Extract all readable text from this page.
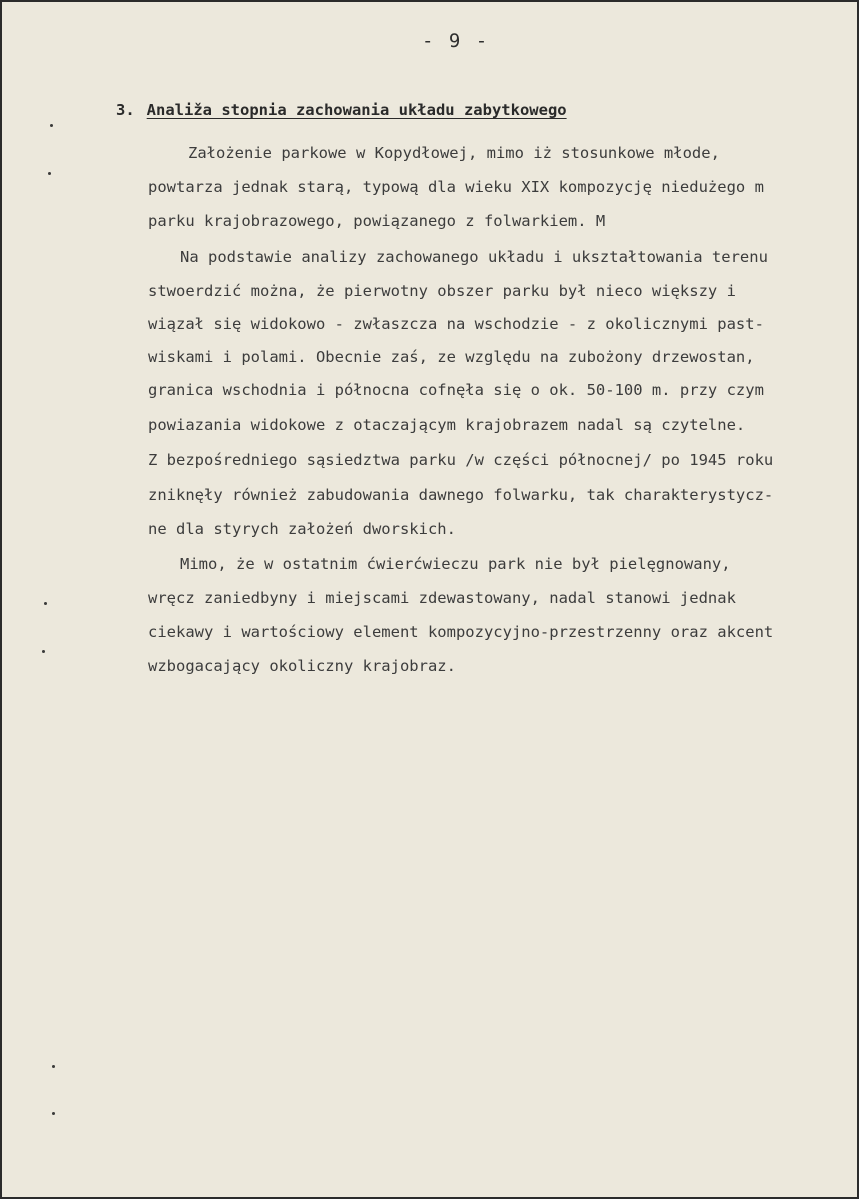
- 9 -
3. Analiža stopnia zachowania układu zabytkowego
Założenie parkowe w Kopydłowej, mimo iż stosunkowe młode,
powtarza jednak starą, typową dla wieku XIX kompozycję niedużego m
parku krajobrazowego, powiązanego z folwarkiem. M
Na podstawie analizy zachowanego układu i ukształtowania terenu
stwoerdzić można, że pierwotny obszer parku był nieco większy i
wiązał się widokowo - zwłaszcza na wschodzie - z okolicznymi past-
wiskami i polami. Obecnie zaś, ze względu na zubożony drzewostan,
granica wschodnia i północna cofnęła się o ok. 50-100 m. przy czym
powiazania widokowe z otaczającym krajobrazem nadal są czytelne.
Z bezpośredniego sąsiedztwa parku /w części północnej/ po 1945 roku
zniknęły również zabudowania dawnego folwarku, tak charakterystycz-
ne dla styrych założeń dworskich.
Mimo, że w ostatnim ćwierćwieczu park nie był pielęgnowany,
wręcz zaniedbyny i miejscami zdewastowany, nadal stanowi jednak
ciekawy i wartościowy element kompozycyjno-przestrzenny oraz akcent
wzbogacający okoliczny krajobraz.
